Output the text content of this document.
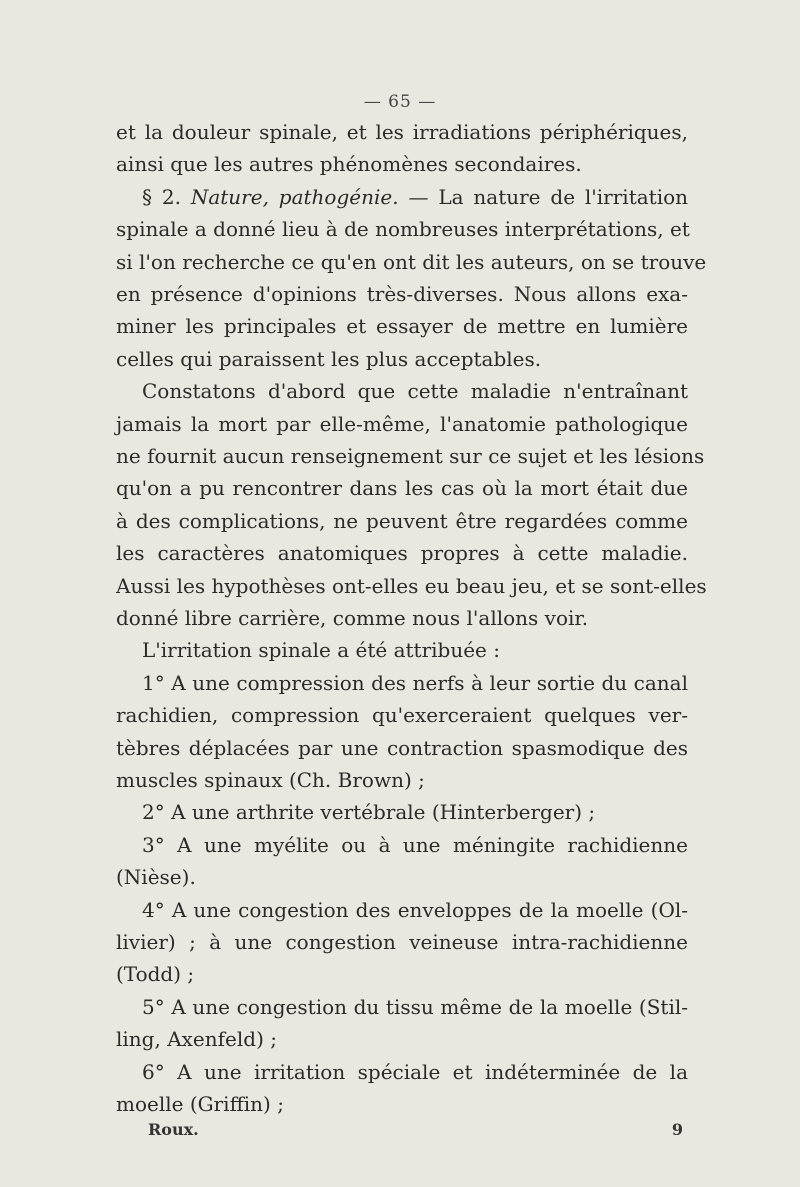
— 65 —
et la douleur spinale, et les irradiations périphériques,
ainsi que les autres phénomènes secondaires.
§ 2. Nature, pathogénie. — La nature de l'irritation
spinale a donné lieu à de nombreuses interprétations, et
si l'on recherche ce qu'en ont dit les auteurs, on se trouve
en présence d'opinions très-diverses. Nous allons exa-
miner les principales et essayer de mettre en lumière
celles qui paraissent les plus acceptables.
Constatons d'abord que cette maladie n'entraînant
jamais la mort par elle-même, l'anatomie pathologique
ne fournit aucun renseignement sur ce sujet et les lésions
qu'on a pu rencontrer dans les cas où la mort était due
à des complications, ne peuvent être regardées comme
les caractères anatomiques propres à cette maladie.
Aussi les hypothèses ont-elles eu beau jeu, et se sont-elles
donné libre carrière, comme nous l'allons voir.
L'irritation spinale a été attribuée :
1° A une compression des nerfs à leur sortie du canal
rachidien, compression qu'exerceraient quelques ver-
tèbres déplacées par une contraction spasmodique des
muscles spinaux (Ch. Brown) ;
2° A une arthrite vertébrale (Hinterberger) ;
3° A une myélite ou à une méningite rachidienne
(Nièse).
4° A une congestion des enveloppes de la moelle (Ol-
livier) ; à une congestion veineuse intra-rachidienne
(Todd) ;
5° A une congestion du tissu même de la moelle (Stil-
ling, Axenfeld) ;
6° A une irritation spéciale et indéterminée de la
moelle (Griffin) ;
Roux.	9
